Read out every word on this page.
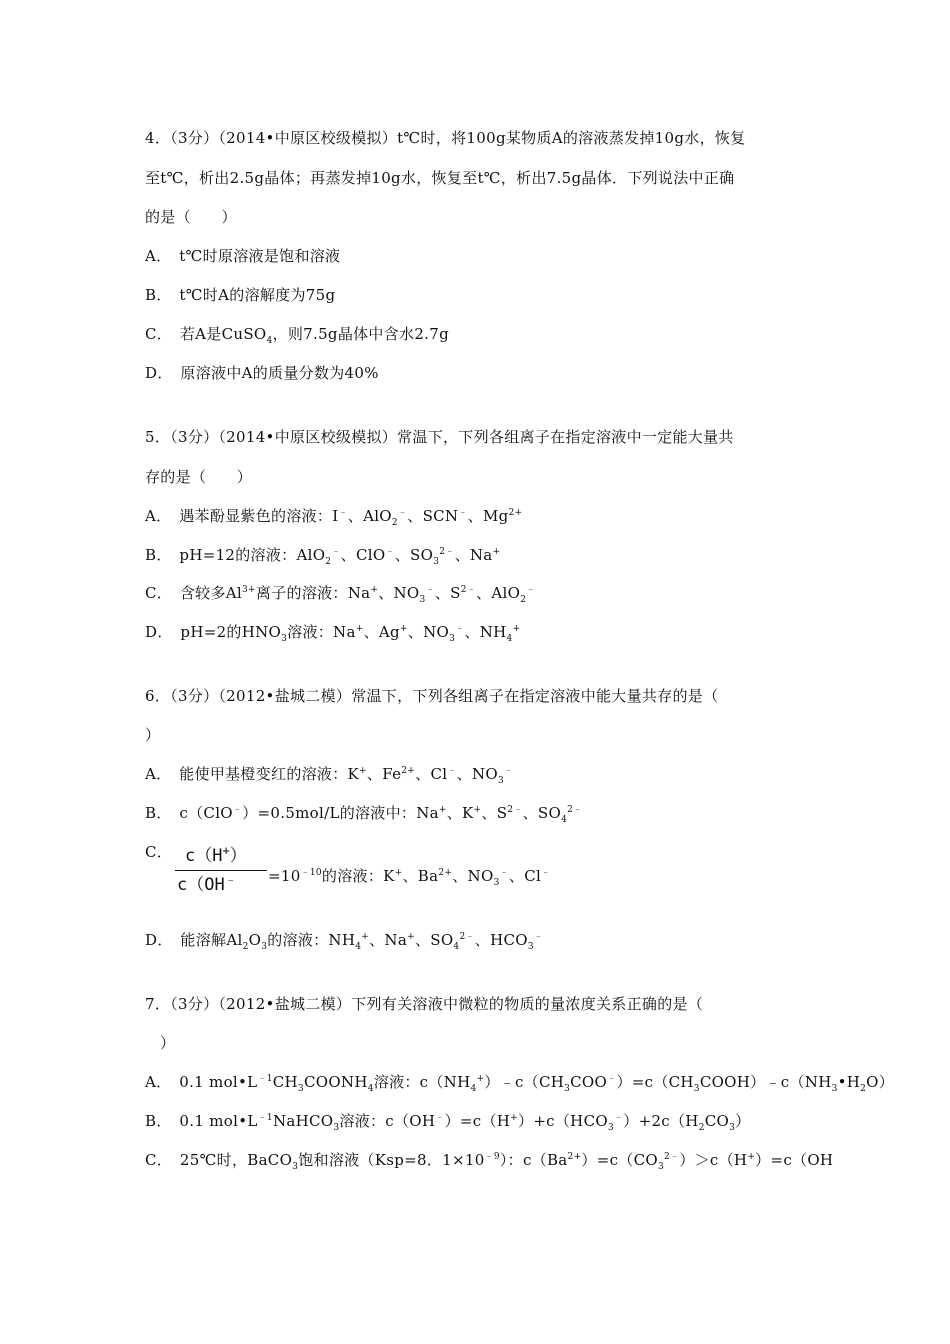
4．（3分）（2014•中原区校级模拟）t℃时，将100g某物质A的溶液蒸发掉10g水，恢复
至t℃，析出2.5g晶体；再蒸发掉10g水，恢复至t℃，析出7.5g晶体．下列说法中正确
的是（　　）
A．　t℃时原溶液是饱和溶液
B．　t℃时A的溶解度为75g
C．　若A是CuSO$_4$，则7.5g晶体中含水2.7g
D．　原溶液中A的质量分数为40%
5．（3分）（2014•中原区校级模拟）常温下，下列各组离子在指定溶液中一定能大量共
存的是（　　）
A．　遇苯酚显紫色的溶液：I﹣、AlO$_2$﹣、SCN﹣、$Mg^{2+}$
B．　pH=12的溶液：AlO$_2$﹣、ClO﹣、$SO_3^{2﹣}$、Na+
C．　含较多$Al^{3+}$离子的溶液：Na+、$NO_3^﹣$、$S^{2﹣}$、AlO$_2$﹣
D．　pH=2的$HNO_3$溶液：Na+、Ag+、$NO_3^﹣$、$NH_4^+$
6．（3分）（2012•盐城二模）常温下，下列各组离子在指定溶液中能大量共存的是（
）
A．　能使甲基橙变红的溶液：K+、$Fe^{2+}$、Cl﹣、$NO_3^﹣$
B．　c（ClO﹣）=0.5mol/L的溶液中：Na+、K+、$S^{2﹣}$、$SO_4^{2﹣}$
C． c（H+）
$c(OH^﹣ =10^{﹣10}$的溶液：K+、$Ba^{2+}$、$NO_3^﹣$、Cl﹣
D．　能溶解$Al_2O_3$的溶液：$NH_4^+$、Na+、$SO_4^{2﹣}$、$HCO_3^﹣$
7．（3分）（2012•盐城二模）下列有关溶液中微粒的物质的量浓度关系正确的是（
）
A．　0.1 $mol•L^{﹣1}CH_3COONH_4$溶液：$c(NH_4^+)﹣c(CH_3COO^﹣)=c(CH_3COOH)﹣c(NH_3•H_2O)$
B．　0.1 $mol•L^{﹣1}NaHCO_3$溶液：$c(OH^﹣)=c(H^+)+c(HCO_3^﹣)+2c(H_2CO_3)$
C．　25℃时，BaCO$_3$饱和溶液（Ksp=8．$1\times 10^{﹣9}$）：$c(Ba^{2+})=c(CO_3^{2﹣})>c(H^+)=c(OH$
